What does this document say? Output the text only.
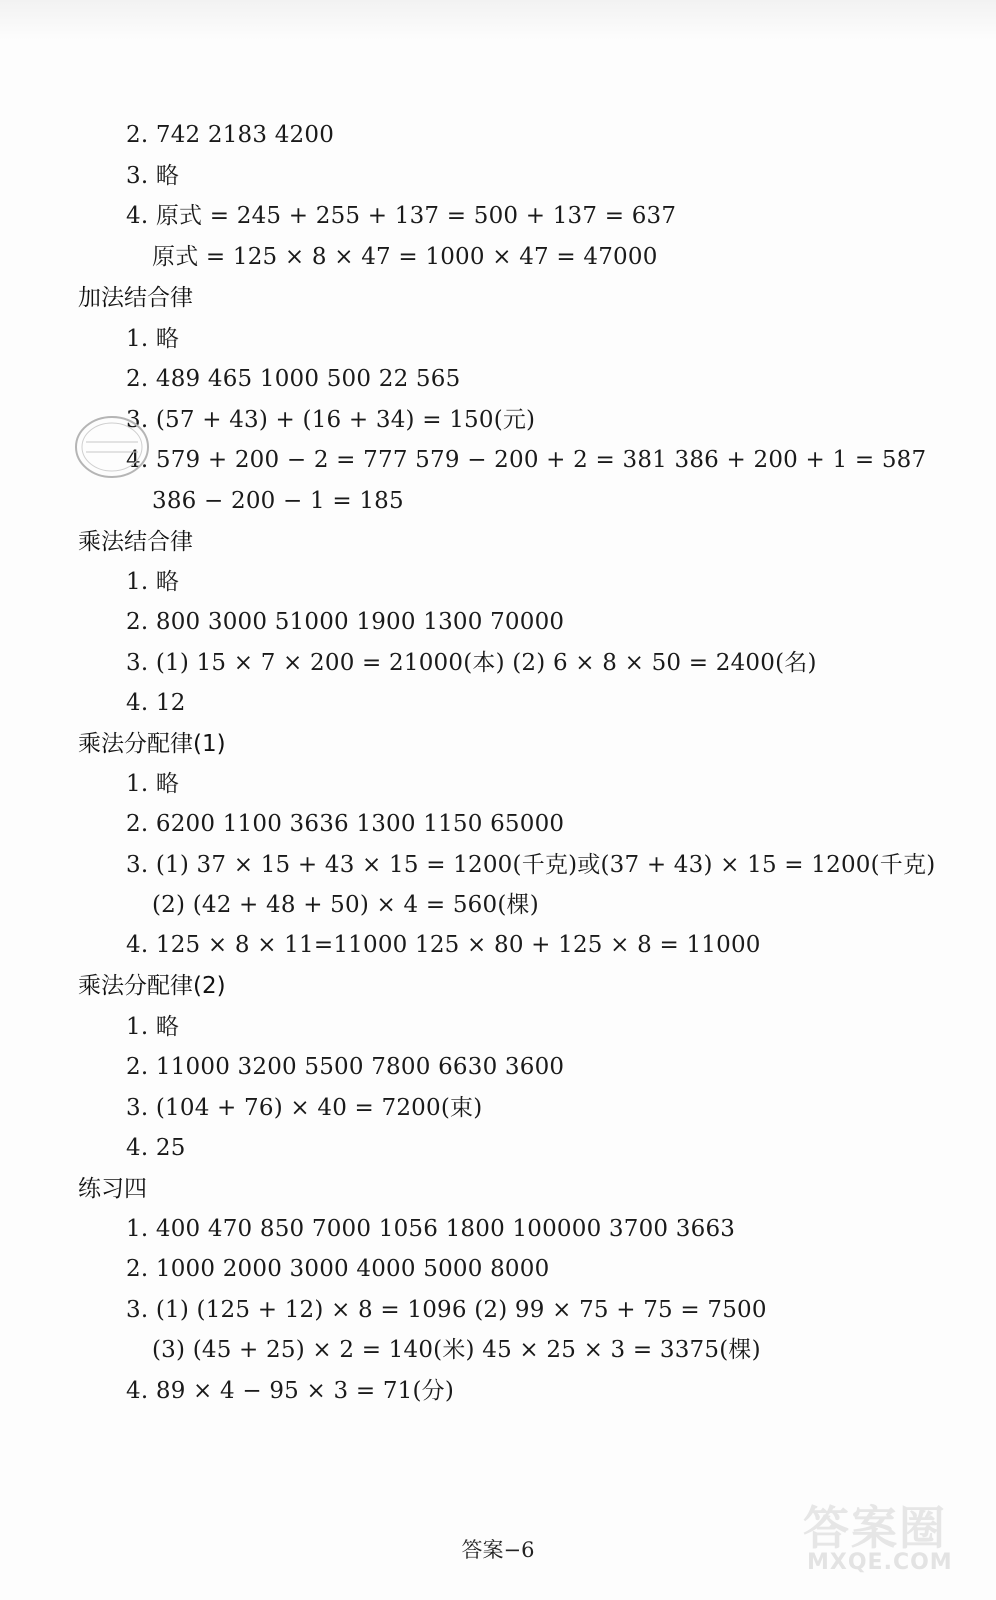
2. 742 2183 4200
3. 略
4. 原式 = 245 + 255 + 137 = 500 + 137 = 637
原式 = 125 × 8 × 47 = 1000 × 47 = 47000
加法结合律
1. 略
2. 489 465 1000 500 22 565
3. (57 + 43) + (16 + 34) = 150(元)
4. 579 + 200 − 2 = 777 579 − 200 + 2 = 381 386 + 200 + 1 = 587
386 − 200 − 1 = 185
乘法结合律
1. 略
2. 800 3000 51000 1900 1300 70000
3. (1) 15 × 7 × 200 = 21000(本) (2) 6 × 8 × 50 = 2400(名)
4. 12
乘法分配律(1)
1. 略
2. 6200 1100 3636 1300 1150 65000
3. (1) 37 × 15 + 43 × 15 = 1200(千克)或(37 + 43) × 15 = 1200(千克)
(2) (42 + 48 + 50) × 4 = 560(棵)
4. 125 × 8 × 11=11000 125 × 80 + 125 × 8 = 11000
乘法分配律(2)
1. 略
2. 11000 3200 5500 7800 6630 3600
3. (104 + 76) × 40 = 7200(束)
4. 25
练习四
1. 400 470 850 7000 1056 1800 100000 3700 3663
2. 1000 2000 3000 4000 5000 8000
3. (1) (125 + 12) × 8 = 1096 (2) 99 × 75 + 75 = 7500
(3) (45 + 25) × 2 = 140(米) 45 × 25 × 3 = 3375(棵)
4. 89 × 4 − 95 × 3 = 71(分)
答案圈
MXQE.COM
答案−6
